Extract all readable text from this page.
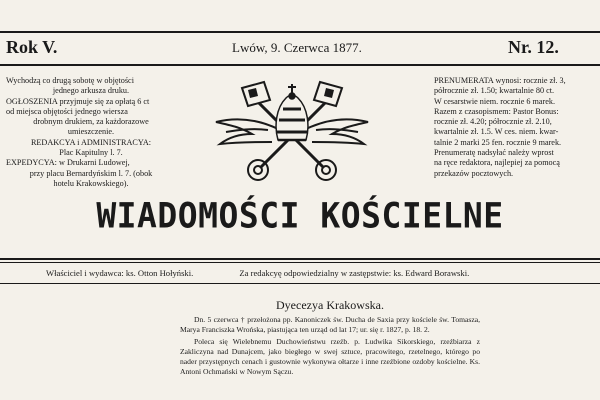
Rok V.	Lwów, 9. Czerwca 1877.	Nr. 12.
Wychodzą co drugą sobotę w objętości
jednego arkusza druku.
OGŁOSZENIA przyjmuje się za opłatą 6 ct
od miejsca objętości jednego wiersza
drobnym drukiem, za każdorazowe
umieszczenie.
REDAKCYA i ADMINISTRACYA:
Plac Kapitulny l. 7.
EXPEDYCYA: w Drukarni Ludowej,
przy placu Bernardyńskim l. 7. (obok
hotelu Krakowskiego).
PRENUMERATA wynosi: rocznie zł. 3,
półrocznie zł. 1.50; kwartalnie 80 ct.
W cesarstwie niem. rocznie 6 marek.
Razem z czasopismem: Pastor Bonus:
rocznie zł. 4.20; półrocznie zł. 2.10,
kwartalnie zł. 1.5. W ces. niem. kwar-
talnie 2 marki 25 fen. rocznie 9 marek.
Prenumeratę nadsyłać należy wprost
na ręce redaktora, najlepiej za pomocą
przekazów pocztowych.
WIADOMOŚCI KOŚCIELNE
Właściciel i wydawca: ks. Otton Hołyński.	Za redakcyę odpowiedzialny w zastępstwie: ks. Edward Borawski.
Dyecezya Krakowska.

Dn. 5 czerwca † przełożona pp. Kanoniczek św. Ducha de Saxia przy kościele św. Tomasza, Marya Franciszka Wrońska, piastująca ten urząd od lat 17; ur. się r. 1827, p. 18. 2.

Poleca się Wielebnemu Duchowieństwu rzeźb. p. Ludwika Sikorskiego, rzeźbiarza z Zakliczyna nad Dunajcem, jako biegłego w swej sztuce, pracowitego, rzetelnego, którego po nader przystępnych cenach i gustownie wykonywa ołtarze i inne rzeźbione ozdoby kościelne. Ks. Antoni Ochmański w Nowym Sączu.
